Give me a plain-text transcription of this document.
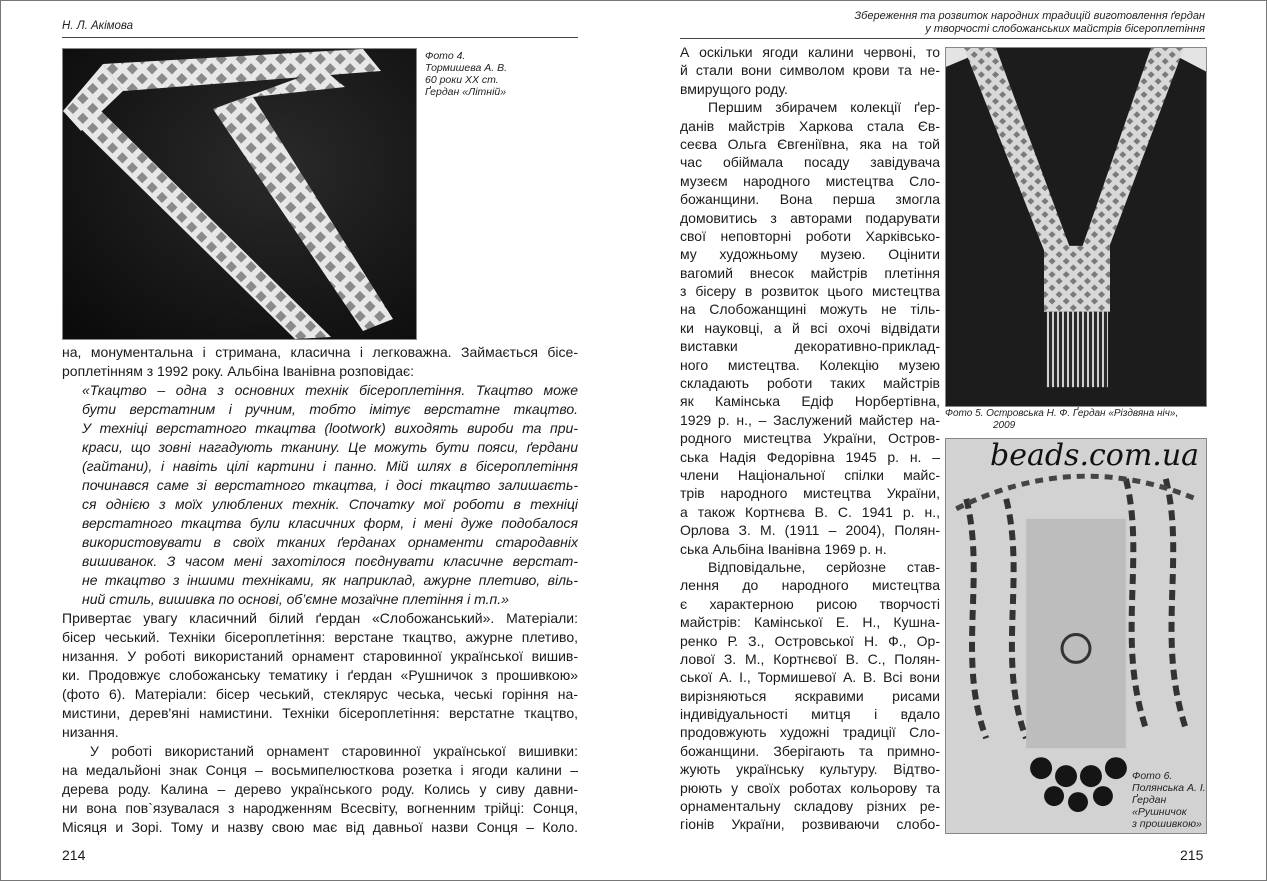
Н. Л. Акімова
Фото 4.
Тормишева А. В.
60 роки XX ст.
Ґердан «Літній»
на, монументальна і стримана, класична і легковажна. Займається бісе-
роплетінням з 1992 року. Альбіна Іванівна розповідає:
«Ткацтво – одна з основних технік бісероплетіння. Ткацтво може
бути верстатним і ручним, тобто імітує верстатне ткацтво.
У техніці верстатного ткацтва (lootwork) виходять вироби та при-
краси, що зовні нагадують тканину. Це можуть бути пояси, ґердани
(гайтани), і навіть цілі картини і панно. Мій шлях в бісероплетіння
починався саме зі верстатного ткацтва, і досі ткацтво залишаєть-
ся однією з моїх улюблених технік. Спочатку мої роботи в техніці
верстатного ткацтва були класичних форм, і мені дуже подобалося
використовувати в своїх тканих ґерданах орнаменти стародавніх
вишиванок. З часом мені захотілося поєднувати класичне верстат-
не ткацтво з іншими техніками, як наприклад, ажурне плетиво, віль-
ний стиль, вишивка по основі, об’ємне мозаїчне плетіння і т.п.»
Привертає увагу класичний білий ґердан «Слобожанський». Матеріали:
бісер чеський. Техніки бісероплетіння: верстане ткацтво, ажурне плетиво,
низання. У роботі використаний орнамент старовинної української вишив-
ки. Продовжує слобожанську тематику і ґердан «Рушничок з прошивкою»
(фото 6). Матеріали: бісер чеський, стеклярус чеська, чеські горіння на-
мистини, дерев'яні намистини. Техніки бісероплетіння: верстатне ткацтво,
низання.
У роботі використаний орнамент старовинної української вишивки:
на медальйоні знак Сонця – восьмипелюсткова розетка і ягоди калини –
дерева роду. Калина – дерево українського роду. Колись у сиву давни-
ни вона пов`язувалася з народженням Всесвіту, вогненним трійці: Сонця,
Місяця и Зорі. Тому и назву свою має від давньої назви Сонця – Коло.
214
Збереження та розвиток народних традицій виготовлення ґердан
у творчості слобожанських майстрів бісероплетіння
А оскільки ягоди калини червоні, то
й стали вони символом крови та не-
вмирущого роду.
Першим збирачем колекції ґер-
данів майстрів Харкова стала Єв-
сеєва Ольга Євгеніївна, яка на той
час обіймала посаду завідувача
музеєм народного мистецтва Сло-
божанщини. Вона перша змогла
домовитись з авторами подарувати
свої неповторні роботи Харківсько-
му художньому музею. Оцінити
вагомий внесок майстрів плетіння
з бісеру в розвиток цього мистецтва
на Слобожанщині можуть не тіль-
ки науковці, а й всі охочі відвідати
виставки декоративно-приклад-
ного мистецтва. Колекцію музею
складають роботи таких майстрів
як Камінська Едіф Норбертівна,
1929 р. н., – Заслужений майстер на-
родного мистецтва України, Остров-
ська Надія Федорівна 1945 р. н. –
члени Національної спілки майс-
трів народного мистецтва України,
а також Кортнєва В. С. 1941 р. н.,
Орлова З. М. (1911 – 2004), Полян-
ська Альбіна Іванівна 1969 р. н.
Відповідальне, серйозне став-
лення до народного мистецтва
є характерною рисою творчості
майстрів: Камінської Е. Н., Кушна-
ренко Р. З., Островської Н. Ф., Ор-
лової З. М., Кортнєвої В. С., Полян-
ської А. І., Тормишевої А. В. Всі вони
вирізняються яскравими рисами
індивідуальності митця і вдало
продовжують художні традиції Сло-
божанщини. Зберігають та примно-
жують українську культуру. Відтво-
рюють у своїх роботах кольорову та
орнаментальну складову різних ре-
гіонів України, розвиваючи слобо-
Фото 5. Островська Н. Ф. Ґердан «Різдвяна ніч»,
2009
beads.com.ua
Фото 6.
Полянська А. І.
Ґердан
«Рушничок
з прошивкою»
215
